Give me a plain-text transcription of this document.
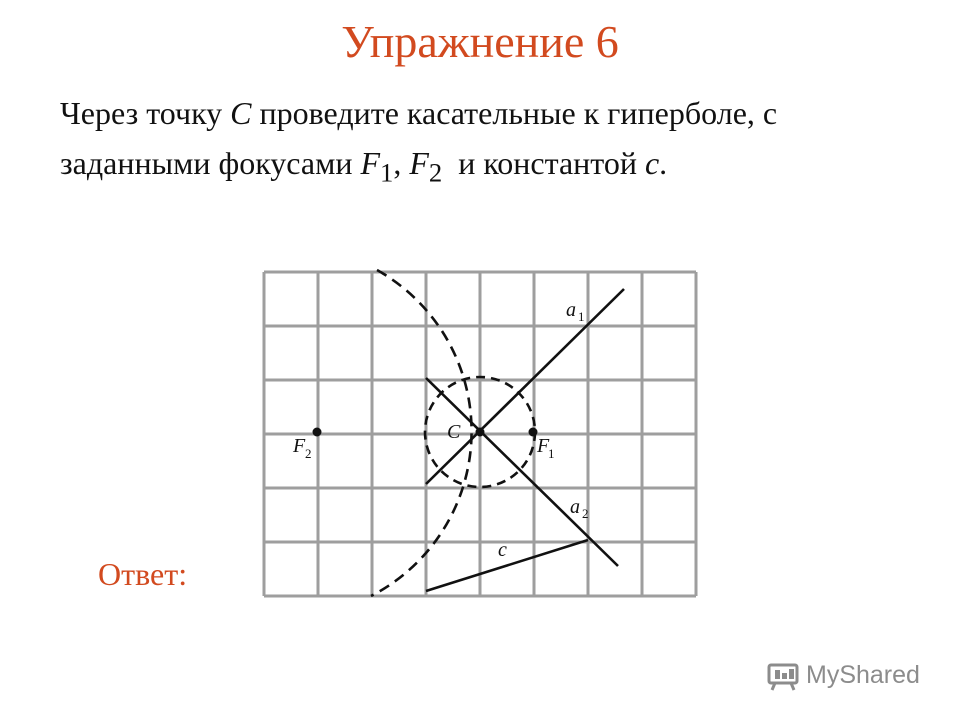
Упражнение 6
Через точку C проведите касательные к гиперболе, с
заданными фокусами $F_1$, $F_2$  и константой c.
C
F
1
F 2
a 1
a 2
c
Ответ:
MyShared
